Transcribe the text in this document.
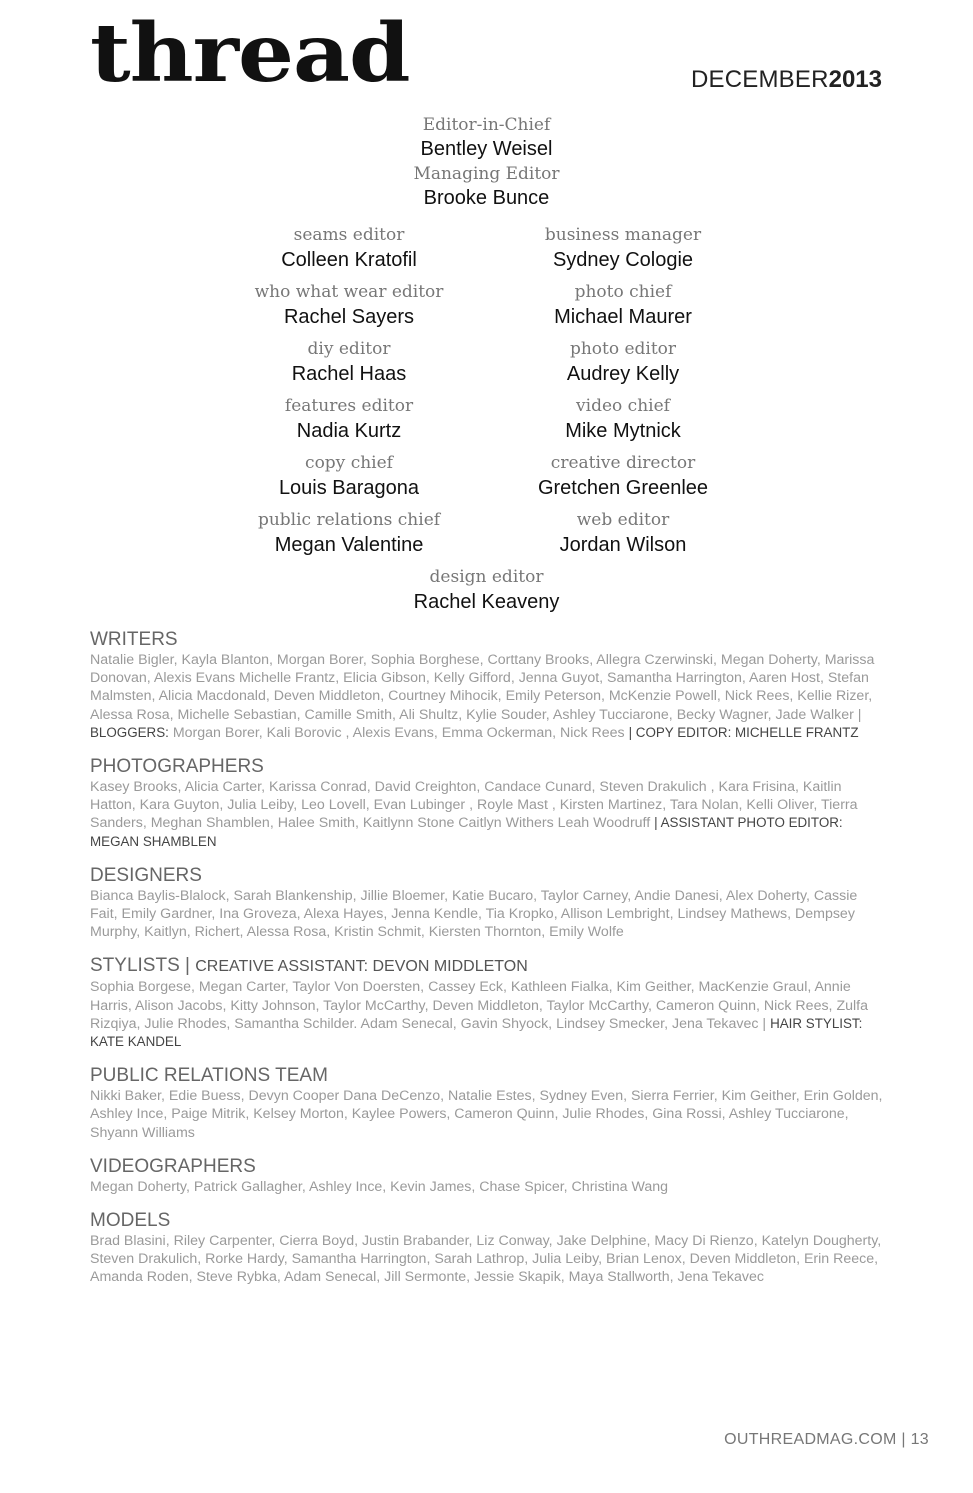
thread	DECEMBER2013
Editor-in-Chief
Bentley Weisel
Managing Editor
Brooke Bunce
seams editor
Colleen Kratofil
who what wear editor
Rachel Sayers
diy editor
Rachel Haas
features editor
Nadia Kurtz
copy chief
Louis Baragona
public relations chief
Megan Valentine
business manager
Sydney Cologie
photo chief
Michael Maurer
photo editor
Audrey Kelly
video chief
Mike Mytnick
creative director
Gretchen Greenlee
web editor
Jordan Wilson
design editor
Rachel Keaveny
WRITERS
Natalie Bigler, Kayla Blanton, Morgan Borer, Sophia Borghese, Corttany Brooks, Allegra Czerwinski, Megan Doherty, Marissa Donovan, Alexis Evans Michelle Frantz, Elicia Gibson, Kelly Gifford, Jenna Guyot, Samantha Harrington, Aaren Host, Stefan Malmsten, Alicia Macdonald, Deven Middleton, Courtney Mihocik, Emily Peterson, McKenzie Powell, Nick Rees, Kellie Rizer, Alessa Rosa, Michelle Sebastian, Camille Smith, Ali Shultz, Kylie Souder, Ashley Tucciarone, Becky Wagner, Jade Walker | BLOGGERS: Morgan Borer, Kali Borovic , Alexis Evans, Emma Ockerman, Nick Rees | COPY EDITOR: MICHELLE FRANTZ
PHOTOGRAPHERS
Kasey Brooks, Alicia Carter, Karissa Conrad, David Creighton, Candace Cunard, Steven Drakulich , Kara Frisina, Kaitlin Hatton, Kara Guyton, Julia Leiby, Leo Lovell, Evan Lubinger , Royle Mast , Kirsten Martinez, Tara Nolan, Kelli Oliver, Tierra Sanders, Meghan Shamblen, Halee Smith, Kaitlynn Stone Caitlyn Withers Leah Woodruff | ASSISTANT PHOTO EDITOR: MEGAN SHAMBLEN
DESIGNERS
Bianca Baylis-Blalock, Sarah Blankenship, Jillie Bloemer, Katie Bucaro, Taylor Carney, Andie Danesi, Alex Doherty, Cassie Fait, Emily Gardner, Ina Groveza, Alexa Hayes, Jenna Kendle, Tia Kropko, Allison Lembright, Lindsey Mathews, Dempsey Murphy, Kaitlyn, Richert, Alessa Rosa, Kristin Schmit, Kiersten Thornton, Emily Wolfe
STYLISTS | CREATIVE ASSISTANT: DEVON MIDDLETON
Sophia Borgese, Megan Carter, Taylor Von Doersten, Cassey Eck, Kathleen Fialka, Kim Geither, MacKenzie Graul, Annie Harris, Alison Jacobs, Kitty Johnson, Taylor McCarthy, Deven Middleton, Taylor McCarthy, Cameron Quinn, Nick Rees, Zulfa Rizqiya, Julie Rhodes, Samantha Schilder. Adam Senecal, Gavin Shyock, Lindsey Smecker, Jena Tekavec | HAIR STYLIST: KATE KANDEL
PUBLIC RELATIONS TEAM
Nikki Baker, Edie Buess, Devyn Cooper Dana DeCenzo, Natalie Estes, Sydney Even, Sierra Ferrier, Kim Geither, Erin Golden, Ashley Ince, Paige Mitrik, Kelsey Morton, Kaylee Powers, Cameron Quinn, Julie Rhodes, Gina Rossi, Ashley Tucciarone, Shyann Williams
VIDEOGRAPHERS
Megan Doherty, Patrick Gallagher, Ashley Ince, Kevin James, Chase Spicer, Christina Wang
MODELS
Brad Blasini, Riley Carpenter, Cierra Boyd, Justin Brabander, Liz Conway, Jake Delphine, Macy Di Rienzo, Katelyn Dougherty, Steven Drakulich, Rorke Hardy, Samantha Harrington, Sarah Lathrop, Julia Leiby, Brian Lenox, Deven Middleton, Erin Reece, Amanda Roden, Steve Rybka, Adam Senecal, Jill Sermonte, Jessie Skapik, Maya Stallworth, Jena Tekavec
OUTHREADMAG.COM | 13
